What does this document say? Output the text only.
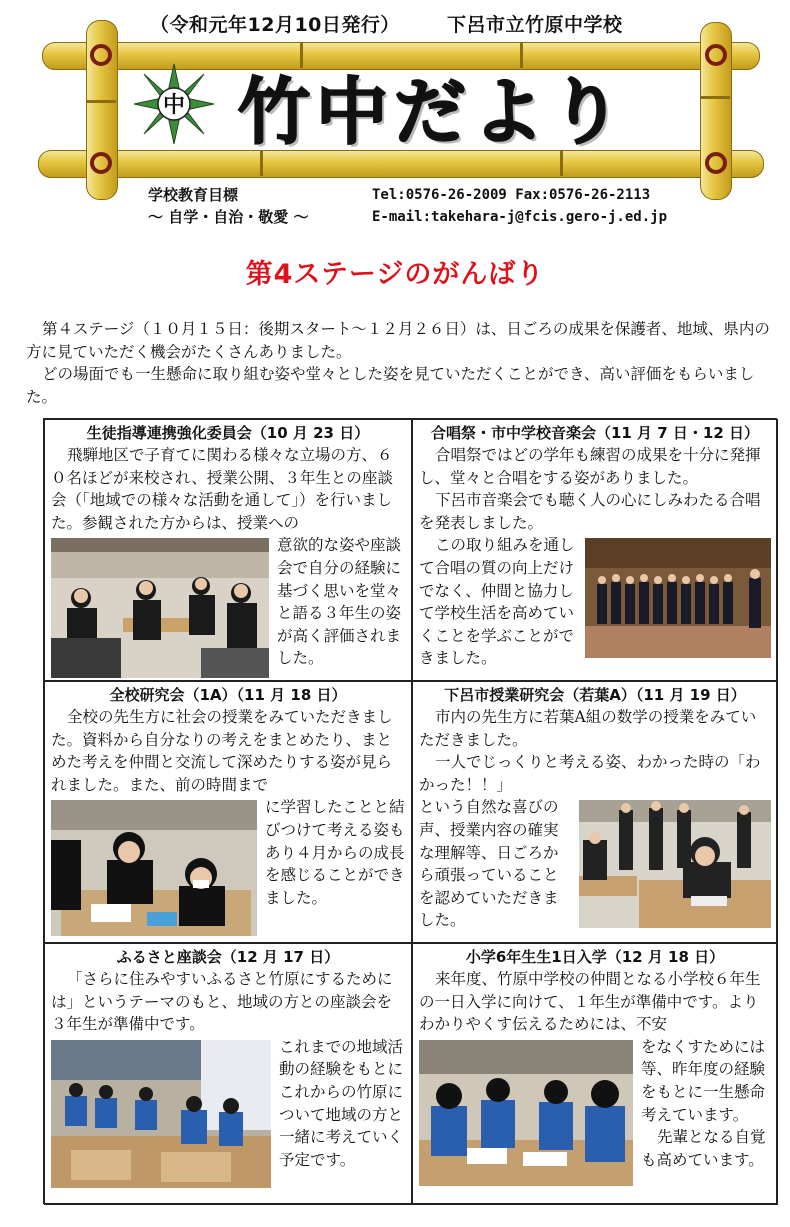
（令和元年12月10日発行） 下呂市立竹原中学校
中 竹中だより
学校教育目標
～ 自学・自治・敬愛 ～
Tel:0576-26-2009 Fax:0576-26-2113
E-mail:takehara-j@fcis.gero-j.ed.jp
第4ステージのがんばり

第４ステージ（１０月１５日：後期スタート～１２月２６日）は、日ごろの成果を保護者、地域、県内の方に見ていただく機会がたくさんありました。

どの場面でも一生懸命に取り組む姿や堂々とした姿を見ていただくことができ、高い評価をもらいました。

生徒指導連携強化委員会（10 月 23 日）

飛騨地区で子育てに関わる様々な立場の方、６０名ほどが来校され、授業公開、３年生との座談会（「地域での様々な活動を通して」）を行いました。参観された方からは、授業への

意欲的な姿や座談会で自分の経験に基づく思いを堂々と語る３年生の姿が高く評価されました。

合唱祭・市中学校音楽会（11 月 7 日・12 日）

合唱祭ではどの学年も練習の成果を十分に発揮し、堂々と合唱をする姿がありました。

下呂市音楽会でも聴く人の心にしみわたる合唱を発表しました。

この取り組みを通して合唱の質の向上だけでなく、仲間と協力して学校生活を高めていくことを学ぶことができました。

全校研究会（1A）（11 月 18 日）

全校の先生方に社会の授業をみていただきました。資料から自分なりの考えをまとめたり、まとめた考えを仲間と交流して深めたりする姿が見られました。また、前の時間まで

に学習したことと結びつけて考える姿もあり４月からの成長を感じることができました。

下呂市授業研究会（若葉A）（11 月 19 日）

市内の先生方に若葉A組の数学の授業をみていただきました。

一人でじっくりと考える姿、わかった時の「わかった！！」

という自然な喜びの声、授業内容の確実な理解等、日ごろから頑張っていることを認めていただきました。

ふるさと座談会（12 月 17 日）

「さらに住みやすいふるさと竹原にするためには」というテーマのもと、地域の方との座談会を３年生が準備中です。

これまでの地域活動の経験をもとにこれからの竹原について地域の方と一緒に考えていく予定です。

小学6年生生1日入学（12 月 18 日）

来年度、竹原中学校の仲間となる小学校６年生の一日入学に向けて、１年生が準備中です。よりわかりやくす伝えるためには、不安

をなくすためには等、昨年度の経験をもとに一生懸命考えています。

先輩となる自覚も高めています。
